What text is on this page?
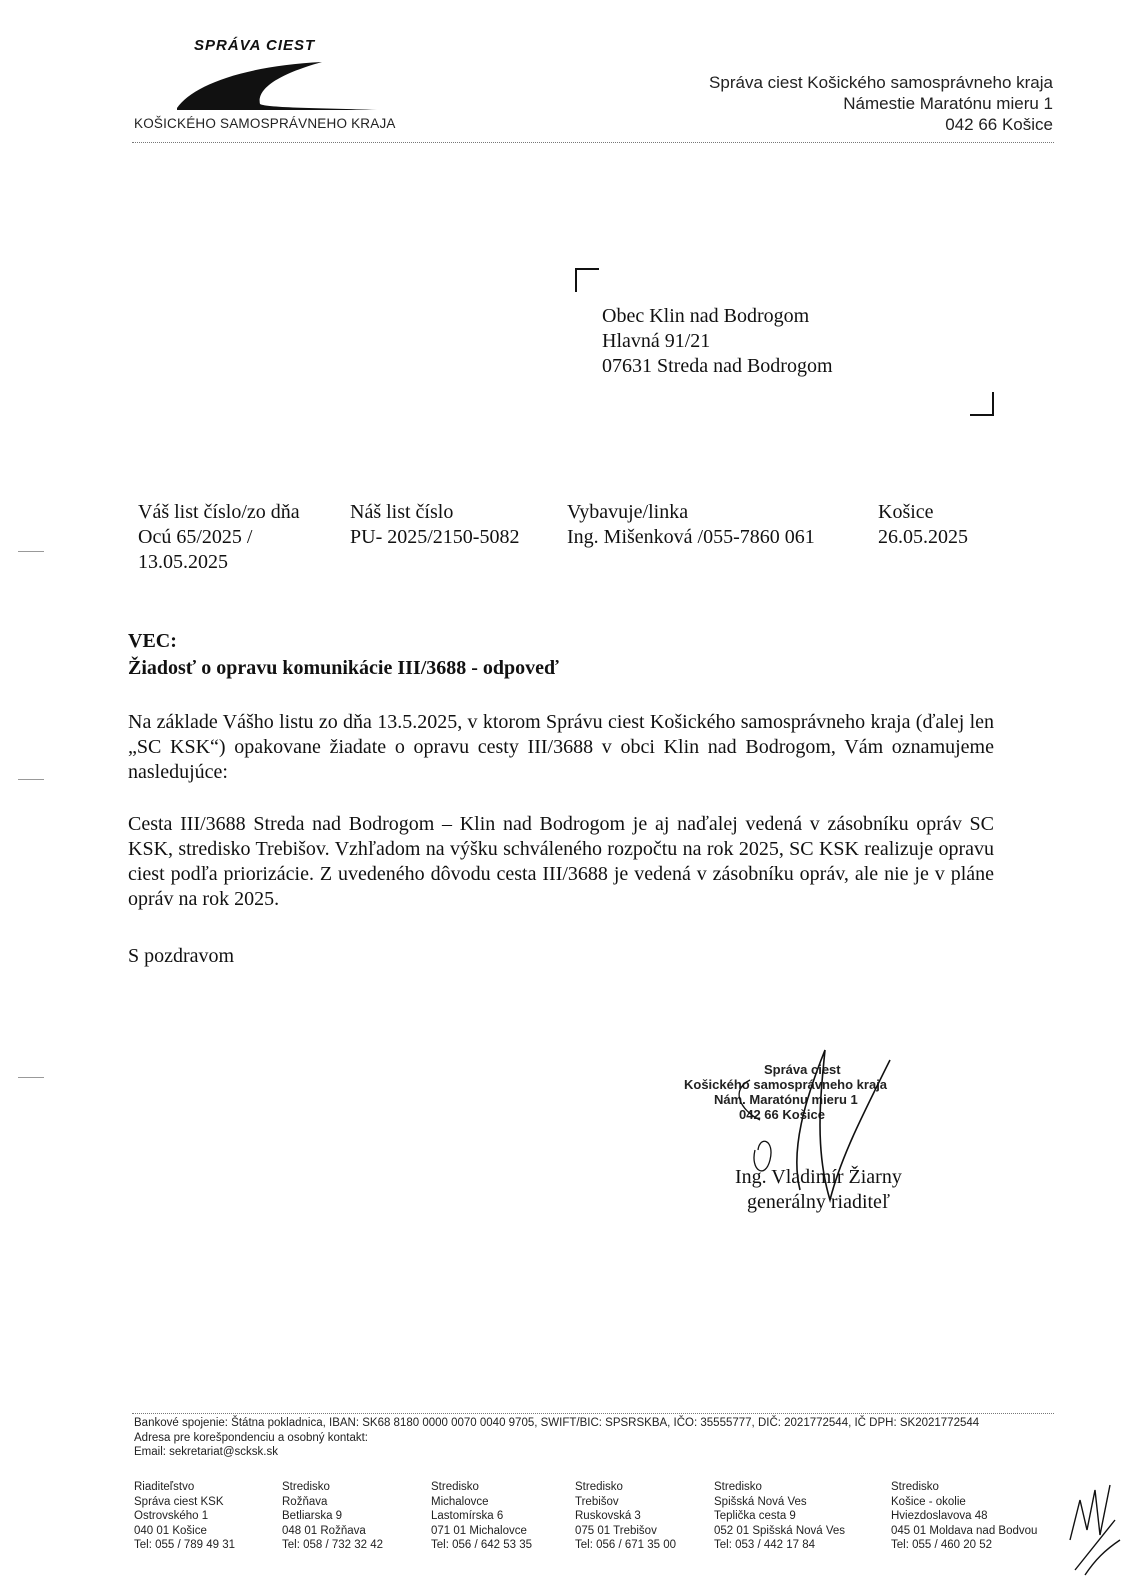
SPRÁVA CIEST
KOŠICKÉHO SAMOSPRÁVNEHO KRAJA
Správa ciest Košického samosprávneho kraja
Námestie Maratónu mieru 1
042 66 Košice
Obec Klin nad Bodrogom
Hlavná 91/21
07631 Streda nad Bodrogom
Váš list číslo/zo dňa
Ocú 65/2025 /
13.05.2025
Náš list číslo
PU- 2025/2150-5082
Vybavuje/linka
Ing. Mišenková /055-7860 061
Košice
26.05.2025
VEC:
Žiadosť o opravu komunikácie III/3688 - odpoveď
Na základe Vášho listu zo dňa 13.5.2025, v ktorom Správu ciest Košického samosprávneho kraja (ďalej len „SC KSK“) opakovane žiadate o opravu cesty III/3688 v obci Klin nad Bodrogom, Vám oznamujeme nasledujúce:
Cesta III/3688 Streda nad Bodrogom – Klin nad Bodrogom je aj naďalej vedená v zásobníku opráv SC KSK, stredisko Trebišov. Vzhľadom na výšku schváleného rozpočtu na rok 2025, SC KSK realizuje opravu ciest podľa priorizácie. Z uvedeného dôvodu cesta III/3688 je vedená v zásobníku opráv, ale nie je v pláne opráv na rok 2025.
S pozdravom
Správa ciest
Košického samosprávneho kraja
Nám. Maratónu mieru 1
042 66 Košice
Ing. Vladimír Žiarny
generálny riaditeľ
Bankové spojenie: Štátna pokladnica, IBAN: SK68 8180 0000 0070 0040 9705, SWIFT/BIC: SPSRSKBA, IČO: 35555777, DIČ: 2021772544, IČ DPH: SK2021772544
Adresa pre korešpondenciu a osobný kontakt:
Email: sekretariat@scksk.sk
Riaditeľstvo
Správa ciest KSK
Ostrovského 1
040 01 Košice
Tel: 055 / 789 49 31
Stredisko
Rožňava
Betliarska 9
048 01 Rožňava
Tel: 058 / 732 32 42
Stredisko
Michalovce
Lastomírska 6
071 01 Michalovce
Tel: 056 / 642 53 35
Stredisko
Trebišov
Ruskovská 3
075 01 Trebišov
Tel: 056 / 671 35 00
Stredisko
Spišská Nová Ves
Teplička cesta 9
052 01 Spišská Nová Ves
Tel: 053 / 442 17 84
Stredisko
Košice - okolie
Hviezdoslavova 48
045 01 Moldava nad Bodvou
Tel: 055 / 460 20 52
